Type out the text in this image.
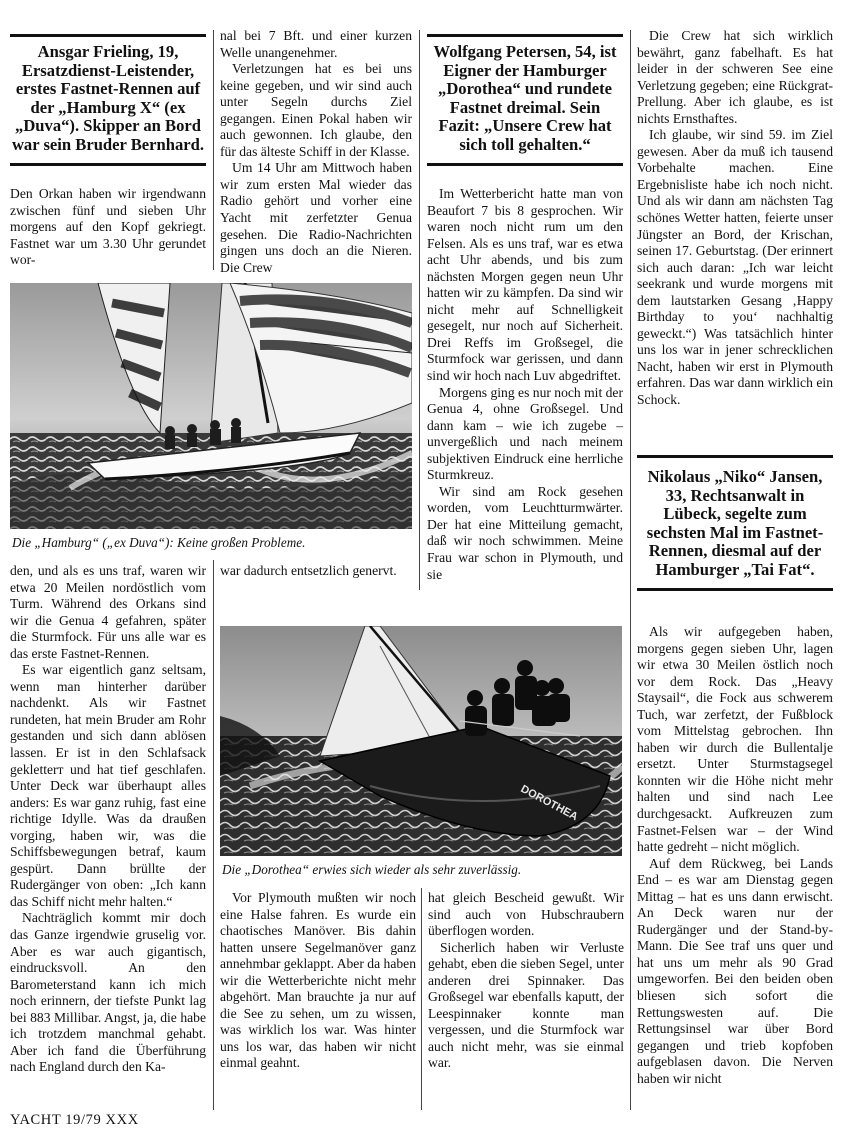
Ansgar Frieling, 19, Ersatzdienst-Leistender, erstes Fastnet-Rennen auf der „Hamburg X“ (ex „Duva“). Skipper an Bord war sein Bruder Bernhard.

Den Orkan haben wir irgendwann zwischen fünf und sieben Uhr morgens auf den Kopf gekriegt. Fastnet war um 3.30 Uhr gerundet wor-

nal bei 7 Bft. und einer kurzen Welle unangenehmer.

Verletzungen hat es bei uns keine gegeben, und wir sind auch unter Segeln durchs Ziel gegangen. Einen Pokal haben wir auch gewonnen. Ich glaube, den für das älteste Schiff in der Klasse.

Um 14 Uhr am Mittwoch haben wir zum ersten Mal wieder das Radio gehört und vorher eine Yacht mit zerfetzter Genua gesehen. Die Radio-Nachrichten gingen uns doch an die Nieren. Die Crew

Wolfgang Petersen, 54, ist Eigner der Hamburger „Dorothea“ und rundete Fastnet dreimal. Sein Fazit: „Unsere Crew hat sich toll gehalten.“

Im Wetterbericht hatte man von Beaufort 7 bis 8 gesprochen. Wir waren noch nicht rum um den Felsen. Als es uns traf, war es etwa acht Uhr abends, und bis zum nächsten Morgen gegen neun Uhr hatten wir zu kämpfen. Da sind wir nicht mehr auf Schnelligkeit gesegelt, nur noch auf Sicherheit. Drei Reffs im Großsegel, die Sturmfock war gerissen, und dann sind wir hoch nach Luv abgedriftet.

Morgens ging es nur noch mit der Genua 4, ohne Großsegel. Und dann kam – wie ich zugebe – unvergeßlich und nach meinem subjektiven Eindruck eine herrliche Sturmkreuz.

Wir sind am Rock gesehen worden, vom Leuchtturmwärter. Der hat eine Mitteilung gemacht, daß wir noch schwimmen. Meine Frau war schon in Plymouth, und sie

Die Crew hat sich wirklich bewährt, ganz fabelhaft. Es hat leider in der schweren See eine Verletzung gegeben; eine Rückgrat-Prellung. Aber ich glaube, es ist nichts Ernsthaftes.

Ich glaube, wir sind 59. im Ziel gewesen. Aber da muß ich tausend Vorbehalte machen. Eine Ergebnisliste habe ich noch nicht. Und als wir dann am nächsten Tag schönes Wetter hatten, feierte unser Jüngster an Bord, der Krischan, seinen 17. Geburtstag. (Der erinnert sich auch daran: „Ich war leicht seekrank und wurde morgens mit dem lautstarken Gesang ‚Happy Birthday to you‘ nachhaltig geweckt.“) Was tatsächlich hinter uns los war in jener schrecklichen Nacht, haben wir erst in Plymouth erfahren. Das war dann wirklich ein Schock.

Die „Hamburg“ („ex Duva“): Keine großen Probleme.

den, und als es uns traf, waren wir etwa 20 Meilen nordöstlich vom Turm. Während des Orkans sind wir die Genua 4 gefahren, später die Sturmfock. Für uns alle war es das erste Fastnet-Rennen.

Es war eigentlich ganz seltsam, wenn man hinterher darüber nachdenkt. Als wir Fastnet rundeten, hat mein Bruder am Rohr gestanden und sich dann ablösen lassen. Er ist in den Schlafsack gekletterт und hat tief geschlafen. Unter Deck war überhaupt alles anders: Es war ganz ruhig, fast eine richtige Idylle. Was da draußen vorging, haben wir, was die Schiffsbewegungen betraf, kaum gespürt. Dann brüllte der Rudergänger von oben: „Ich kann das Schiff nicht mehr halten.“

Nachträglich kommt mir doch das Ganze irgendwie gruselig vor. Aber es war auch gigantisch, eindrucksvoll. An den Barometerstand kann ich mich noch erinnern, der tiefste Punkt lag bei 883 Millibar. Angst, ja, die habe ich trotzdem manchmal gehabt. Aber ich fand die Überführung nach England durch den Ka-

war dadurch entsetzlich genervt.

Nikolaus „Niko“ Jansen, 33, Rechtsanwalt in Lübeck, segelte zum sechsten Mal im Fastnet-Rennen, diesmal auf der Hamburger „Tai Fat“.

Als wir aufgegeben haben, morgens gegen sieben Uhr, lagen wir etwa 30 Meilen östlich noch vor dem Rock. Das „Heavy Staysail“, die Fock aus schwerem Tuch, war zerfetzt, der Fußblock vom Mittelstag gebrochen. Ihn haben wir durch die Bullentalje ersetzt. Unter Sturmstagsegel konnten wir die Höhe nicht mehr halten und sind nach Lee durchgesackt. Aufkreuzen zum Fastnet-Felsen war – der Wind hatte gedreht – nicht möglich.

Auf dem Rückweg, bei Lands End – es war am Dienstag gegen Mittag – hat es uns dann erwischt. An Deck waren nur der Rudergänger und der Stand-by-Mann. Die See traf uns quer und hat uns um mehr als 90 Grad umgeworfen. Bei den beiden oben bliesen sich sofort die Rettungswesten auf. Die Rettungsinsel war über Bord gegangen und trieb kopfoben aufgeblasen davon. Die Nerven haben wir nicht

DOROTHEA
Die „Dorothea“ erwies sich wieder als sehr zuverlässig.

Vor Plymouth mußten wir noch eine Halse fahren. Es wurde ein chaotisches Manöver. Bis dahin hatten unsere Segelmanöver ganz annehmbar geklappt. Aber da haben wir die Wetterberichte nicht mehr abgehört. Man brauchte ja nur auf die See zu sehen, um zu wissen, was wirklich los war. Was hinter uns los war, das haben wir nicht einmal geahnt.

hat gleich Bescheid gewußt. Wir sind auch von Hubschraubern überflogen worden.

Sicherlich haben wir Verluste gehabt, eben die sieben Segel, unter anderen drei Spinnaker. Das Großsegel war ebenfalls kaputt, der Leespinnaker konnte man vergessen, und die Sturmfock war auch nicht mehr, was sie einmal war.

YACHT 19/79 XXX
